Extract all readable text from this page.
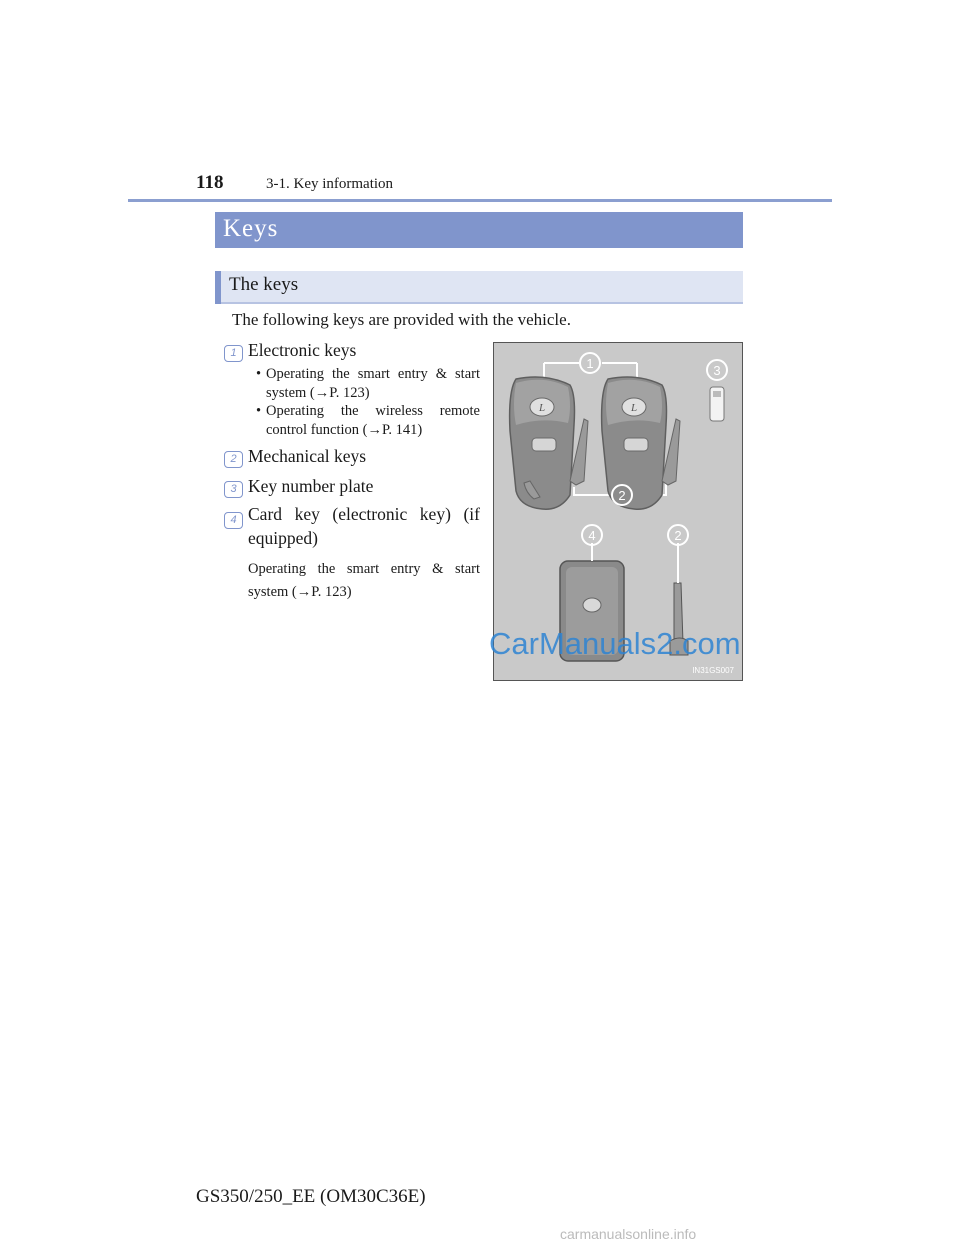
118	3-1. Key information
Keys
The keys
The following keys are provided with the vehicle.
1 Electronic keys
• Operating the smart entry & start system (→P. 123)
• Operating the wireless remote control function (→P. 141)
2 Mechanical keys
3 Key number plate
4 Card key (electronic key) (if equipped)
Operating the smart entry & start system (→P. 123)
L	L
1
2
3
4	2
IN31GS007
CarManuals2.com
GS350/250_EE (OM30C36E)
carmanualsonline.info
